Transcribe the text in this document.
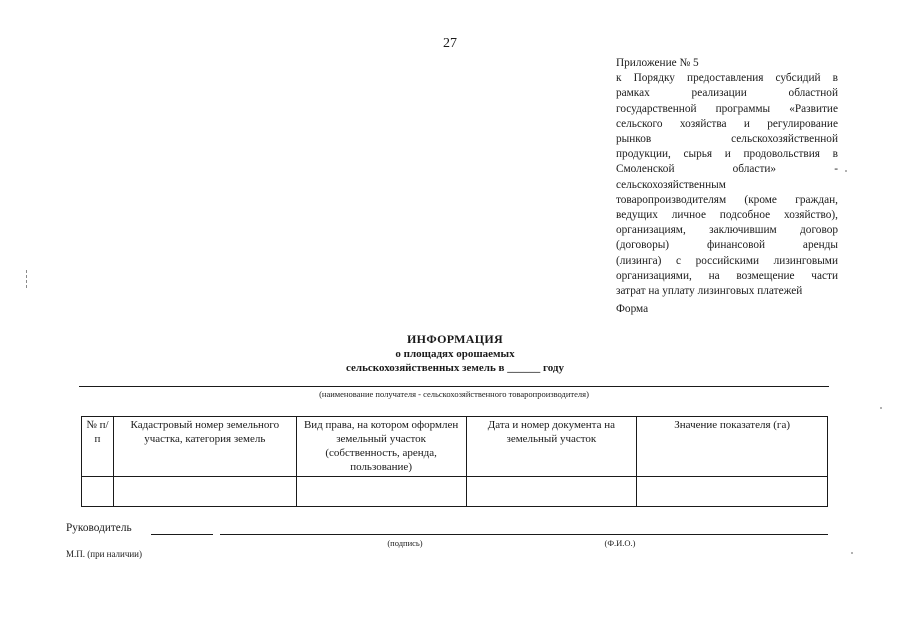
27
Приложение № 5
к Порядку предоставления субсидий в
рамках реализации областной
государственной программы «Развитие
сельского хозяйства и регулирование
рынков сельскохозяйственной
продукции, сырья и продовольствия в
Смоленской области» -
сельскохозяйственным
товаропроизводителям (кроме граждан,
ведущих личное подсобное хозяйство),
организациям, заключившим договор
(договоры) финансовой аренды
(лизинга) с российскими лизинговыми
организациями, на возмещение части
затрат на уплату лизинговых платежей
Форма
ИНФОРМАЦИЯ
о площадях орошаемых
сельскохозяйственных земель в ______ году
(наименование получателя - сельскохозяйственного товаропроизводителя)
№ п/п	Кадастровый номер земельного участка, категория земель	Вид права, на котором оформлен земельный участок (собственность, аренда, пользование)	Дата и номер документа на земельный участок	Значение показателя (га)

Руководитель
(подпись)	(Ф.И.О.)
М.П. (при наличии)
